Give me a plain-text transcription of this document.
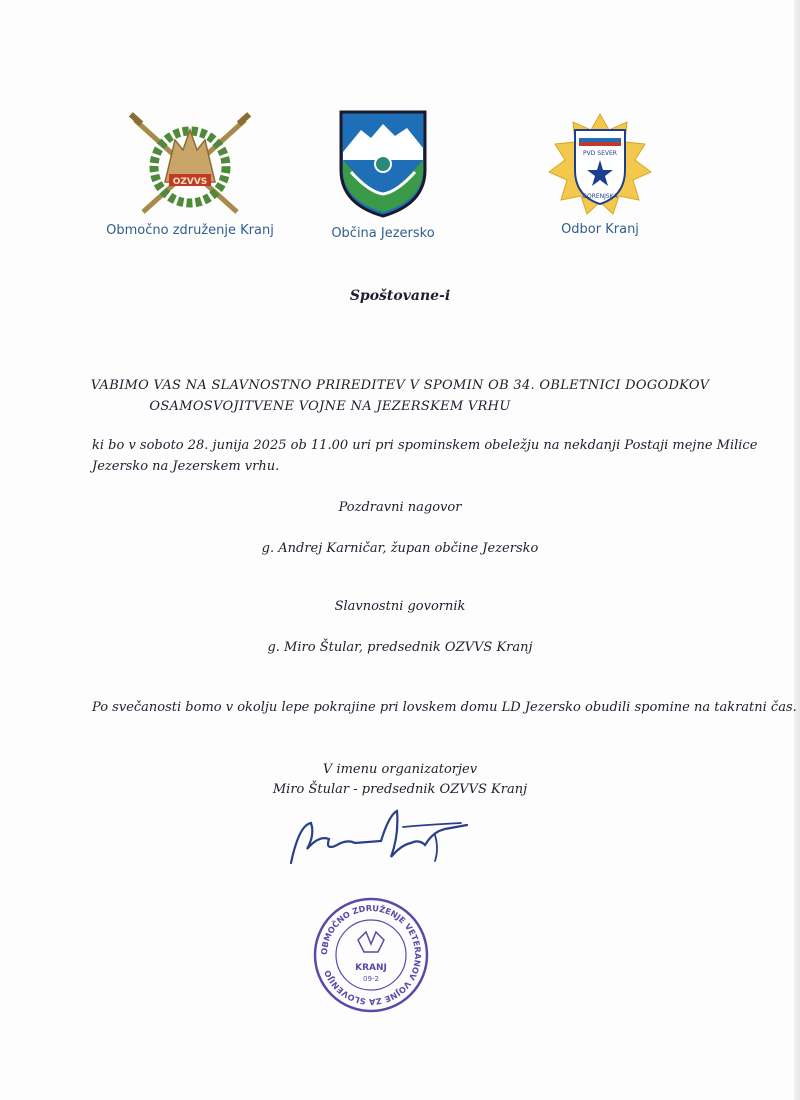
OZVVS
Območno združenje Kranj	Občina Jezersko
PVD SEVER
GORENJSKA
Odbor Kranj
Spoštovane-i
VABIMO VAS NA SLAVNOSTNO PRIREDITEV V SPOMIN OB 34. OBLETNICI DOGODKOV
OSAMOSVOJITVENE VOJNE NA JEZERSKEM VRHU
ki bo v soboto 28. junija 2025 ob 11.00 uri pri spominskem obeležju na nekdanji Postaji mejne Milice
Jezersko na Jezerskem vrhu.
Pozdravni nagovor
g. Andrej Karničar, župan občine Jezersko
Slavnostni govornik
g. Miro Štular, predsednik OZVVS Kranj
Po svečanosti bomo v okolju lepe pokrajine pri lovskem domu LD Jezersko obudili spomine na takratni čas.
V imenu organizatorjev
Miro Štular - predsednik OZVVS Kranj
OBMOČNO ZDRUŽENJE VETERANOV VOJNE ZA SLOVENIJO
KRANJ
09-2
